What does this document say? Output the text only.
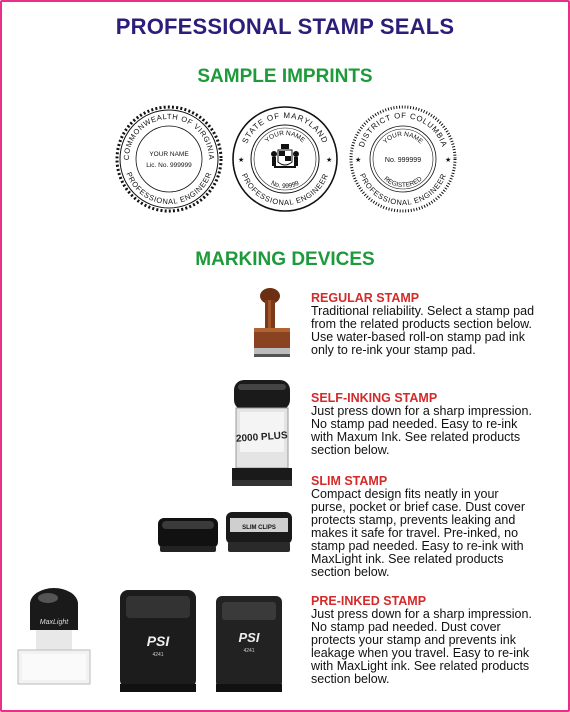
PROFESSIONAL STAMP SEALS
SAMPLE IMPRINTS
COMMONWEALTH OF VIRGINIA
PROFESSIONAL ENGINEER
YOUR NAME
Lic. No. 999999
STATE OF MARYLAND
PROFESSIONAL ENGINEER
YOUR NAME
No. 99999
★	★
DISTRICT OF COLUMBIA
PROFESSIONAL ENGINEER
YOUR NAME
REGISTERED
No. 999999
★	★
MARKING DEVICES
2000 PLUS
SLIM CLIPS
MaxLight
PSI
4241
PSI
4241
REGULAR STAMP
Traditional reliability. Select a stamp pad
from the related products section below.
Use water-based roll-on stamp pad ink
only to re-ink your stamp pad.
SELF-INKING STAMP
Just press down for a sharp impression.
No stamp pad needed. Easy to re-ink
with Maxum Ink. See related products
section below.
SLIM STAMP
Compact design fits neatly in your
purse, pocket or brief case. Dust cover
protects stamp, prevents leaking and
makes it safe for travel. Pre-inked, no
stamp pad needed. Easy to re-ink with
MaxLight ink. See related products
section below.
PRE-INKED STAMP
Just press down for a sharp impression.
No stamp pad needed. Dust cover
protects your stamp and prevents ink
leakage when you travel. Easy to re-ink
with MaxLight ink. See related products
section below.
